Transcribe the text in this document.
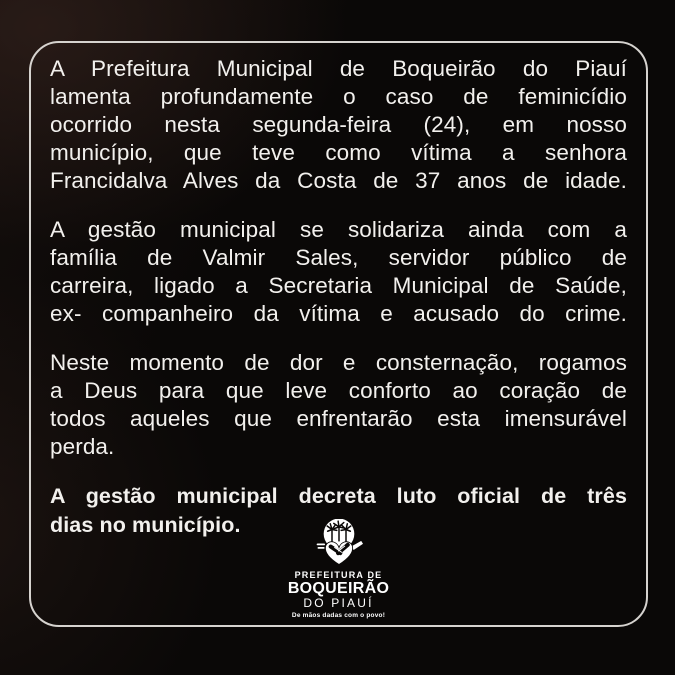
A Prefeitura Municipal de Boqueirão do Piauí
lamenta profundamente o caso de feminicídio
ocorrido nesta segunda-feira (24), em nosso
município, que teve como vítima a senhora
Francidalva Alves da Costa de 37 anos de idade.
A gestão municipal se solidariza ainda com a
família de Valmir Sales, servidor público de
carreira, ligado a Secretaria Municipal de Saúde,
ex- companheiro da vítima e acusado do crime.
Neste momento de dor e consternação, rogamos
a Deus para que leve conforto ao coração de
todos aqueles que enfrentarão esta imensurável
perda.
A gestão municipal decreta luto oficial de três
dias no município.
PREFEITURA DE
BOQUEIRÃO
DO PIAUÍ
De mãos dadas com o povo!
